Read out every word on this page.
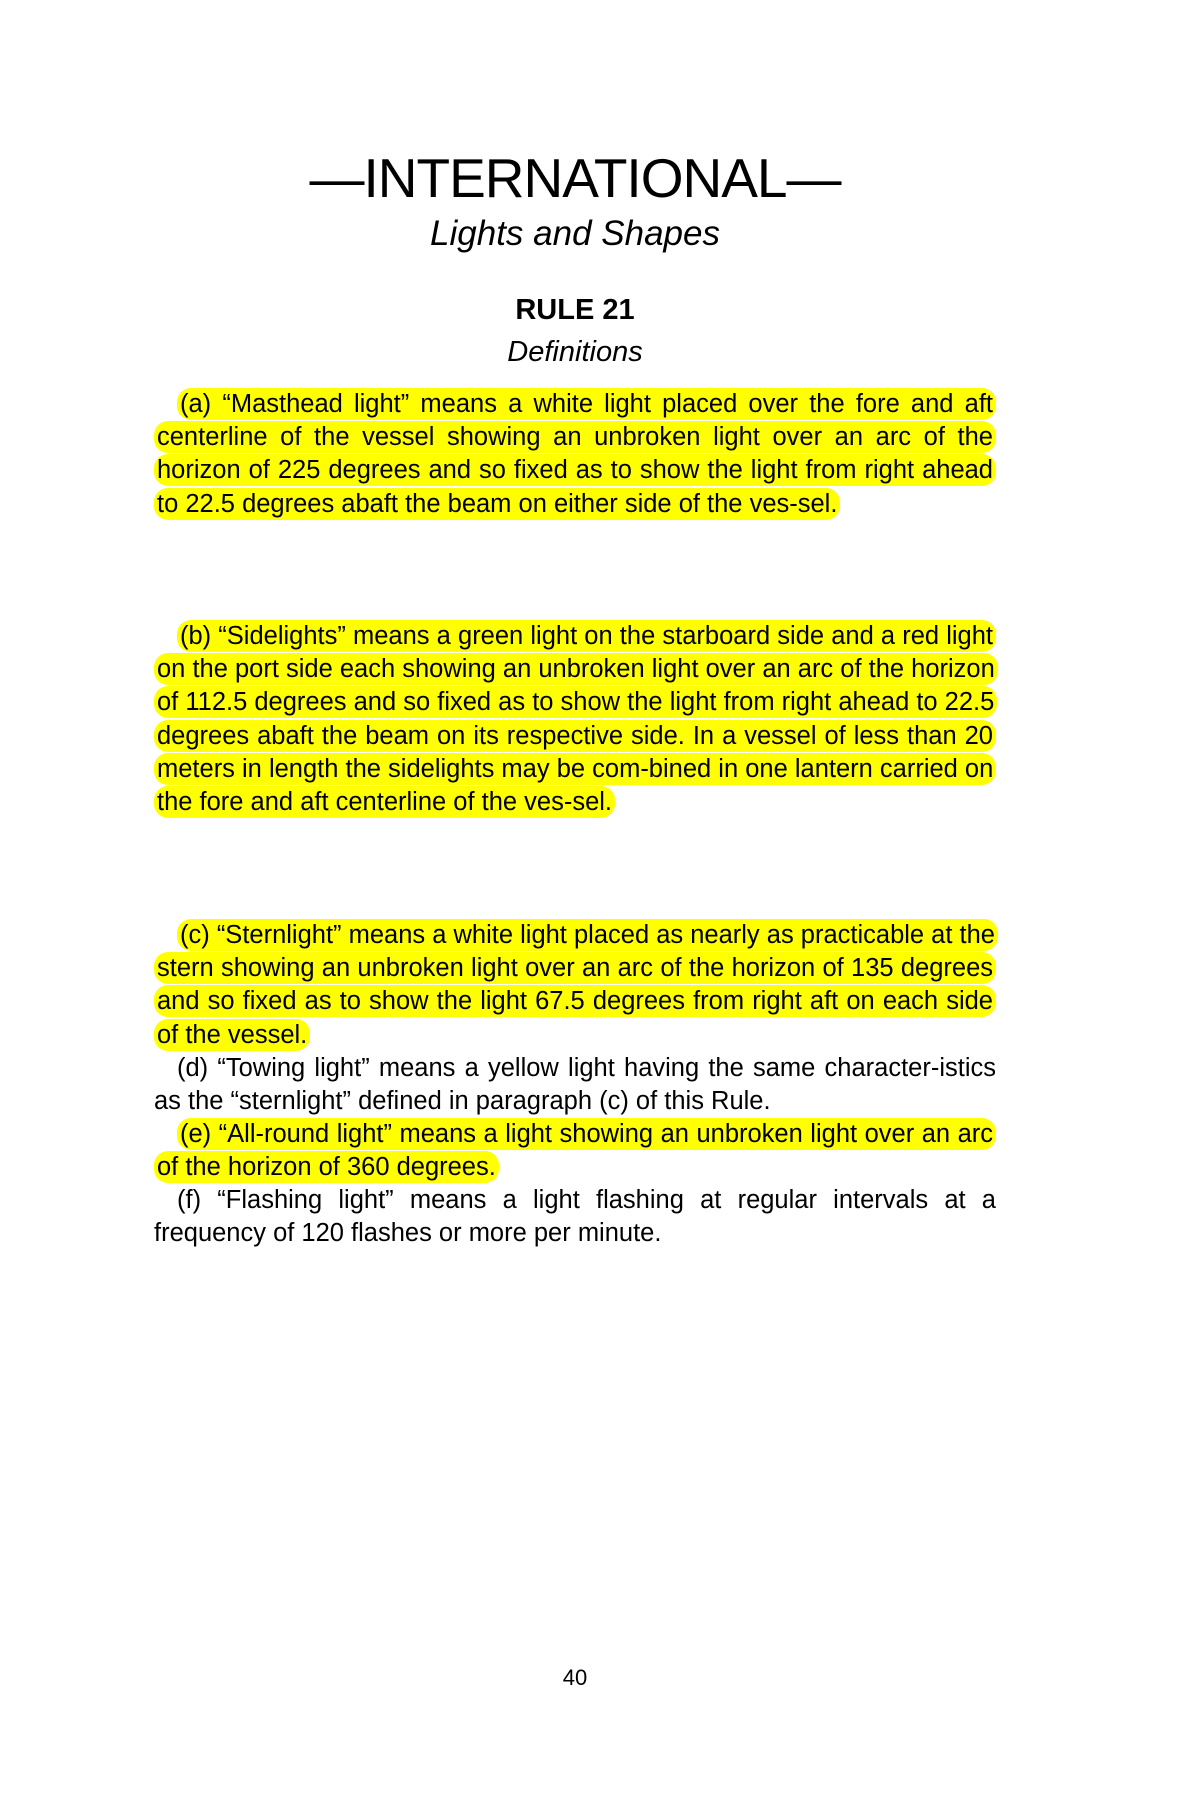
—INTERNATIONAL—
Lights and Shapes
RULE 21
Definitions

(a) “Masthead light” means a white light placed over the fore and aft centerline of the vessel showing an unbroken light over an arc of the horizon of 225 degrees and so fixed as to show the light from right ahead to 22.5 degrees abaft the beam on either side of the ves-sel.

(b) “Sidelights” means a green light on the starboard side and a red light on the port side each showing an unbroken light over an arc of the horizon of 112.5 degrees and so fixed as to show the light from right ahead to 22.5 degrees abaft the beam on its respective side. In a vessel of less than 20 meters in length the sidelights may be com-bined in one lantern carried on the fore and aft centerline of the ves-sel.

(c) “Sternlight” means a white light placed as nearly as practicable at the stern showing an unbroken light over an arc of the horizon of 135 degrees and so fixed as to show the light 67.5 degrees from right aft on each side of the vessel.

(d) “Towing light” means a yellow light having the same character-istics as the “sternlight” defined in paragraph (c) of this Rule.

(e) “All-round light” means a light showing an unbroken light over an arc of the horizon of 360 degrees.

(f) “Flashing light” means a light flashing at regular intervals at a frequency of 120 flashes or more per minute.

40
